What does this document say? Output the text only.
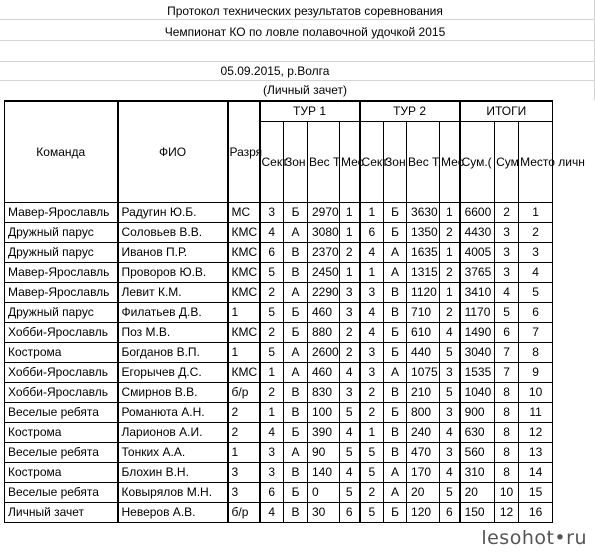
Протокол технических результатов соревнования
Чемпионат КО по ловле полавочной удочкой 2015
05.09.2015, р.Волга
(Личный зачет)
Команда	ФИО	Разря	ТУР 1				ТУР 2				ИТОГИ		
			Сект	Зон	Вес Т	Мес	Сект	Зон	Вес Т	Мес	Сум.(	Сум	Место личн
Мавер-Ярославль	Радугин Ю.Б.	МС	3	Б	2970	1	1	Б	3630	1	6600	2	1
Дружный парус	Соловьев В.В.	КМС	4	А	3080	1	6	Б	1350	2	4430	3	2
Дружный парус	Иванов П.Р.	КМС	6	В	2370	2	4	А	1635	1	4005	3	3
Мавер-Ярославль	Проворов Ю.В.	КМС	5	В	2450	1	1	А	1315	2	3765	3	4
Мавер-Ярославль	Левит К.М.	КМС	2	А	2290	3	3	В	1120	1	3410	4	5
Дружный парус	Филатьев Д.В.	1	5	Б	460	3	4	В	710	2	1170	5	6
Хобби-Ярославль	Поз М.В.	КМС	2	Б	880	2	4	Б	610	4	1490	6	7
Кострома	Богданов В.П.	1	5	А	2600	2	3	Б	440	5	3040	7	8
Хобби-Ярославль	Егорычев Д.С.	КМС	1	А	460	4	3	А	1075	3	1535	7	9
Хобби-Ярославль	Смирнов В.В.	б/р	2	В	830	3	2	В	210	5	1040	8	10
Веселые ребята	Романюта А.Н.	2	1	В	100	5	2	Б	800	3	900	8	11
Кострома	Ларионов А.И.	2	4	Б	390	4	1	В	240	4	630	8	12
Веселые ребята	Тонких А.А.	1	3	А	90	5	5	В	470	3	560	8	13
Кострома	Блохин В.Н.	3	3	В	140	4	5	А	170	4	310	8	14
Веселые ребята	Ковырялов М.Н.	3	6	Б	0	5	2	А	20	5	20	10	15
Личный зачет	Неверов А.В.	б/р	4	В	30	6	5	Б	120	6	150	12	16
lesohot•ru
